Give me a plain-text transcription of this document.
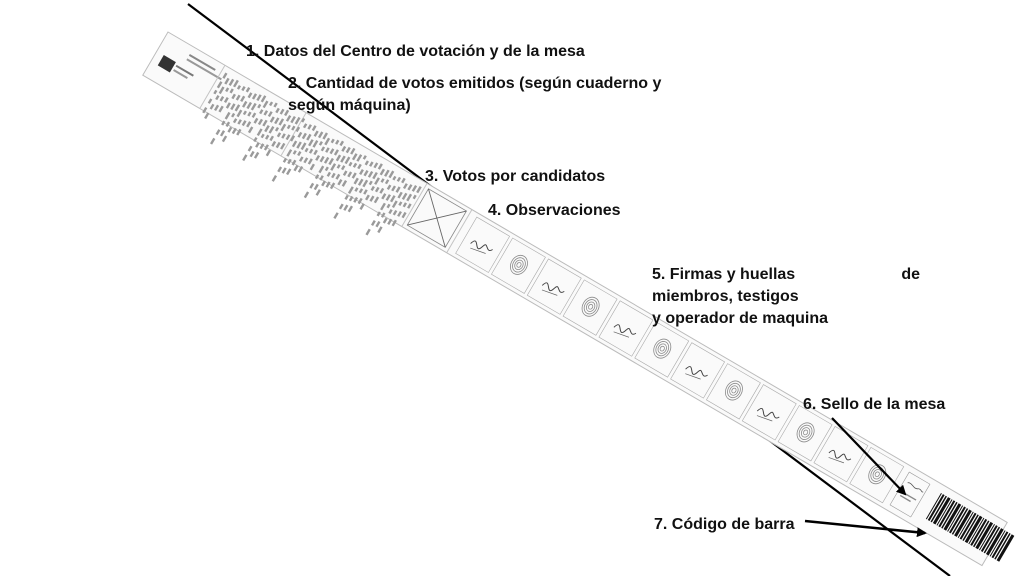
1. Datos del Centro de votación y de la mesa
2. Cantidad de votos emitidos (según cuaderno y
según máquina)
3. Votos por candidatos
4. Observaciones
5. Firmas y huellas	de
miembros, testigos
y operador de maquina
6. Sello de la mesa
7. Código de barra
